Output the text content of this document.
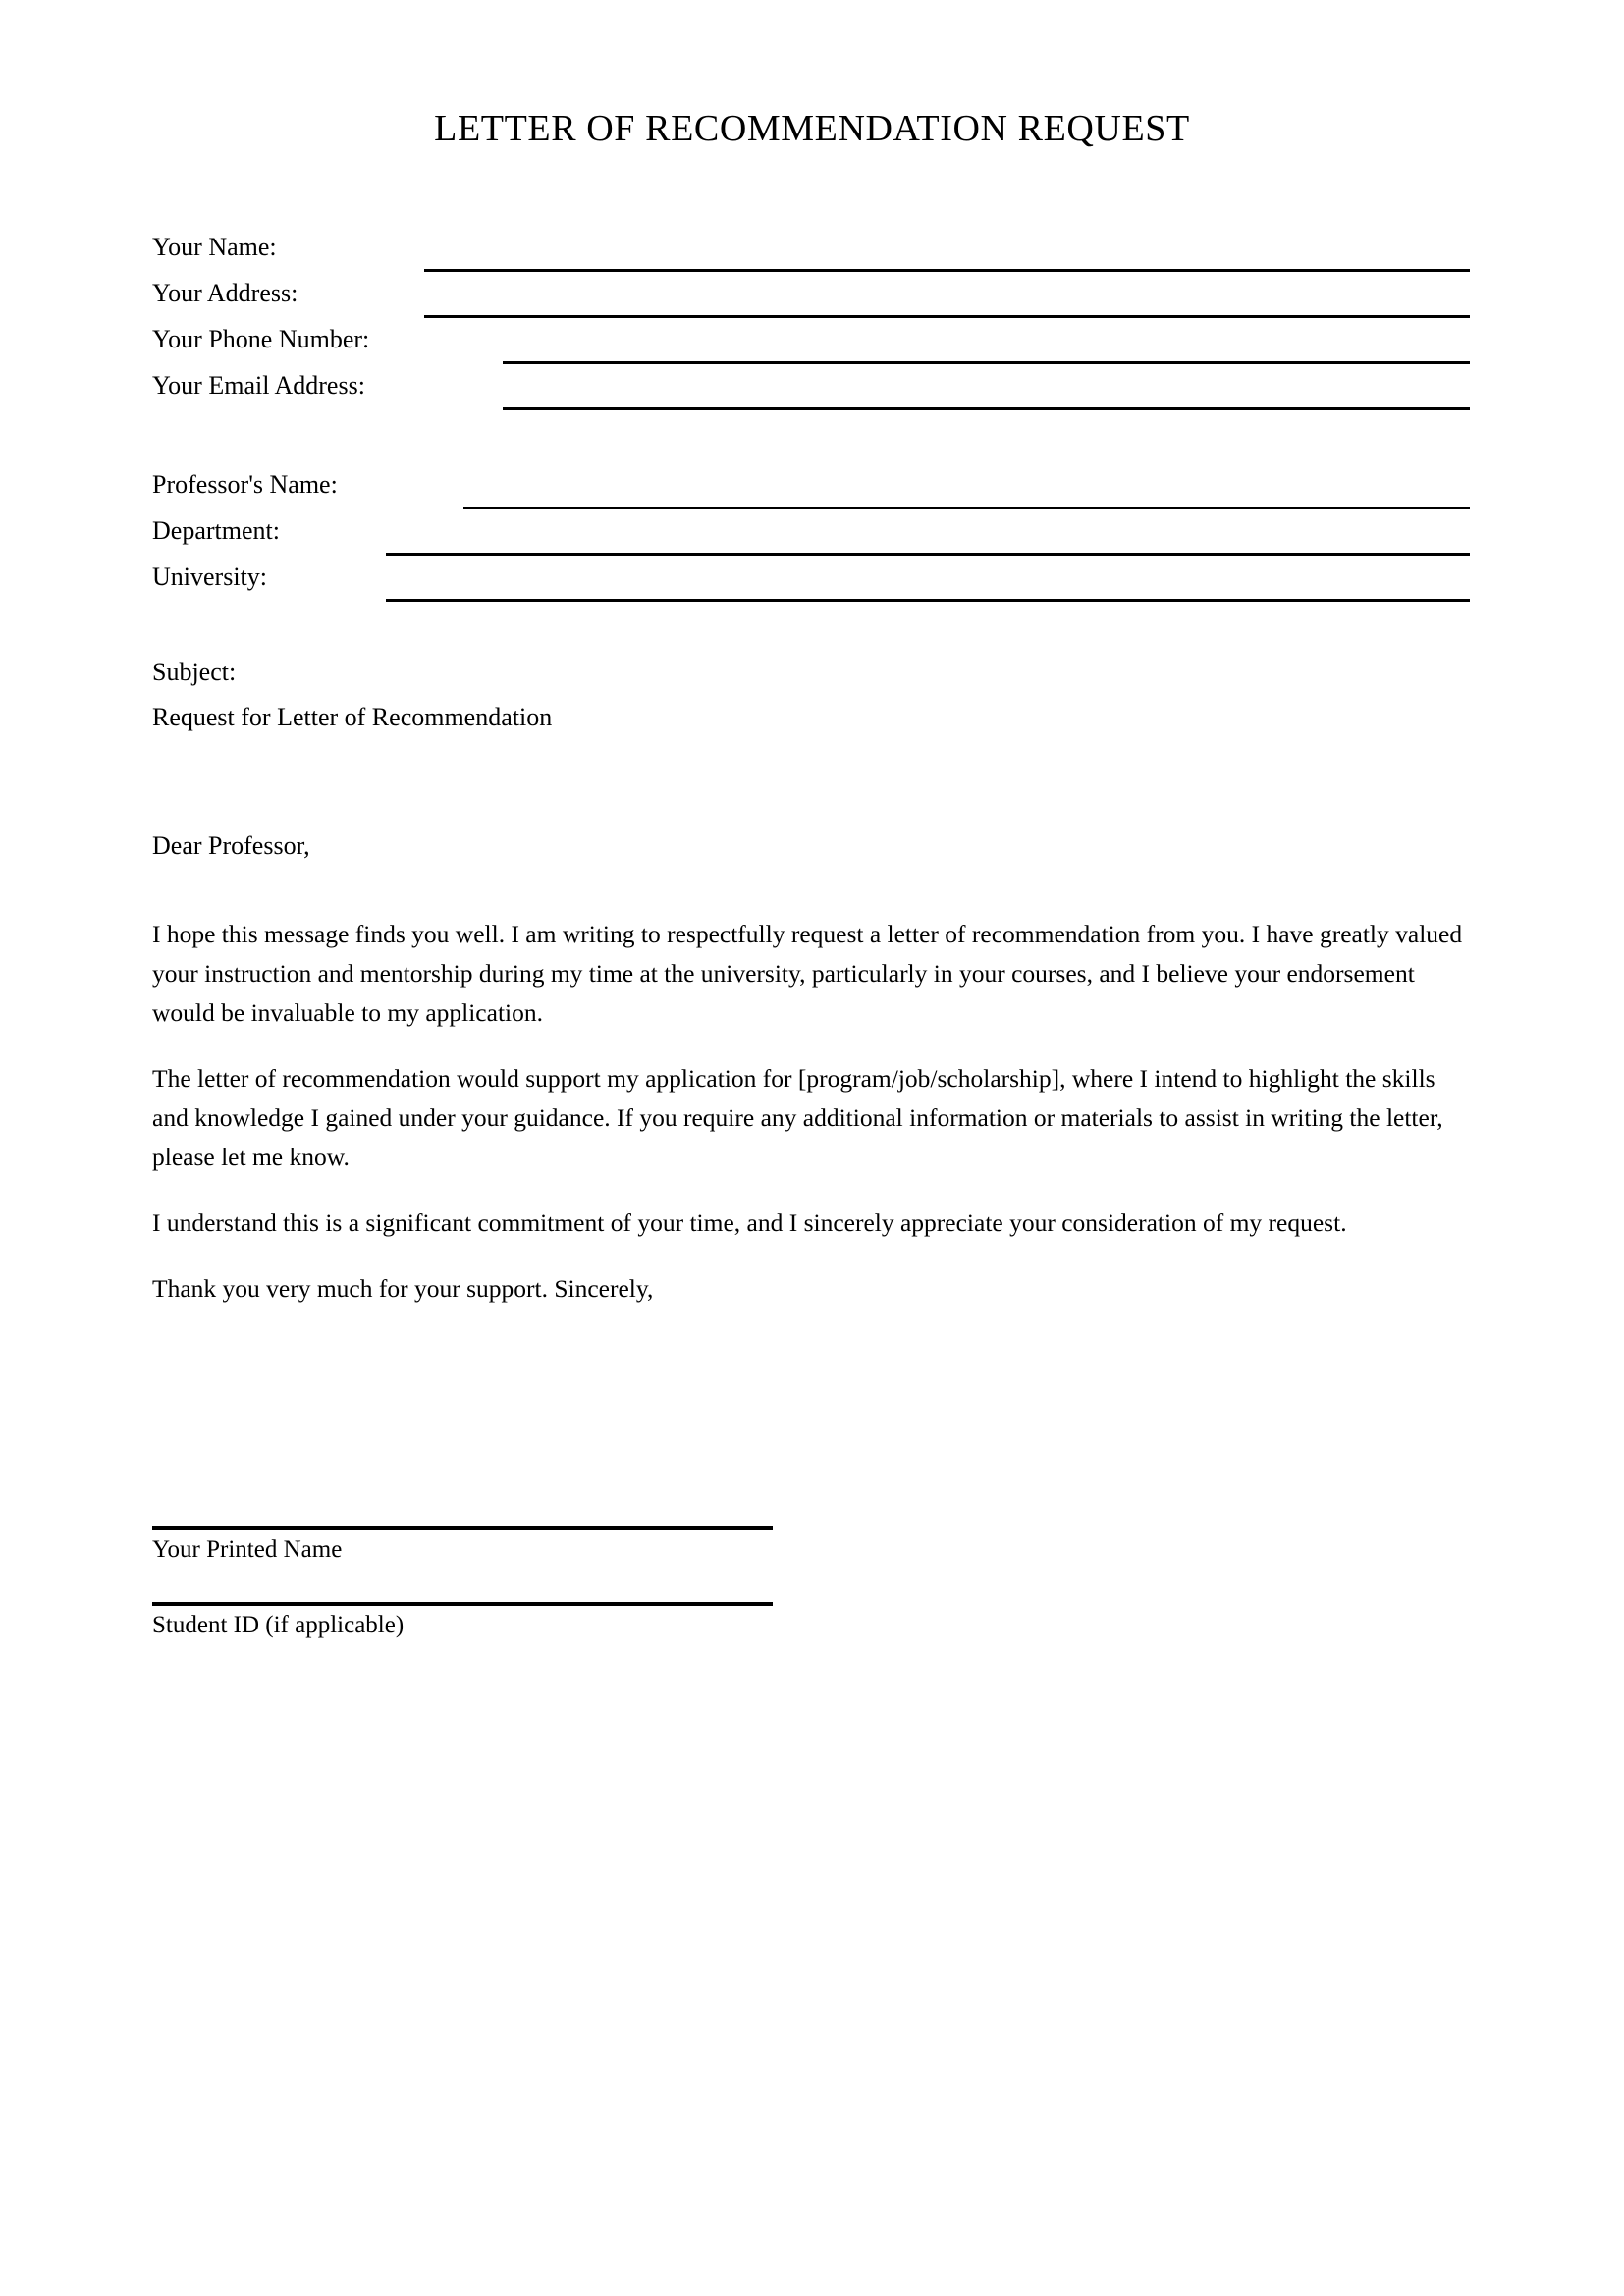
LETTER OF RECOMMENDATION REQUEST
Your Name:
Your Address:
Your Phone Number:
Your Email Address:
Professor's Name:
Department:
University:
Subject:
Request for Letter of Recommendation
Dear Professor,

I hope this message finds you well. I am writing to respectfully request a letter of recommendation from you. I have greatly valued your instruction and mentorship during my time at the university, particularly in your courses, and I believe your endorsement would be invaluable to my application.

The letter of recommendation would support my application for [program/job/scholarship], where I intend to highlight the skills and knowledge I gained under your guidance. If you require any additional information or materials to assist in writing the letter, please let me know.

I understand this is a significant commitment of your time, and I sincerely appreciate your consideration of my request.

Thank you very much for your support. Sincerely,

Your Printed Name
Student ID (if applicable)
